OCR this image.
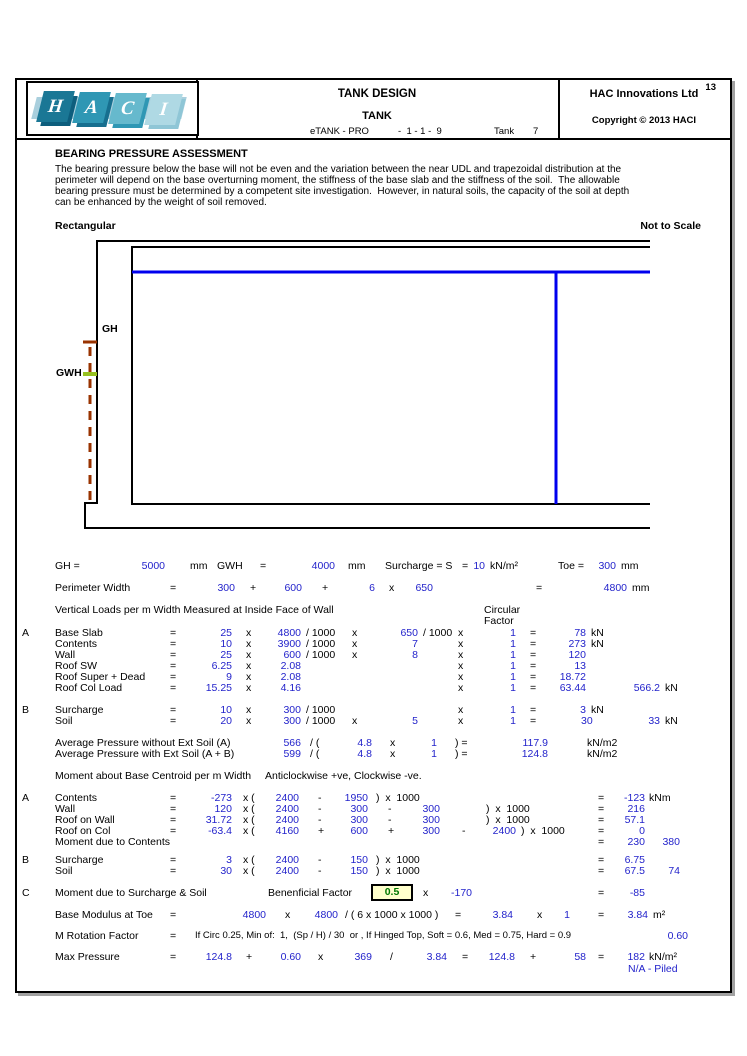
H	A	C	I
13
TANK DESIGN	HAC Innovations Ltd
TANK	Copyright © 2013 HACI
eTANK - PRO	-  1 - 1 -  9	Tank 7
BEARING PRESSURE ASSESSMENT
The bearing pressure below the base will not be even and the variation between the near UDL and trapezoidal distribution at the
perimeter will depend on the base overturning moment, the stiffness of the base slab and the stiffness of the soil.  The allowable
bearing pressure must be determined by a competent site investigation.  However, in natural soils, the capacity of the soil at depth
can be enhanced by the weight of soil removed.
Rectangular	Not to Scale
GH
GWH
GH =	5000 mm GWH =	4000 mm Surcharge = S = 10 kN/m²	Toe =	300 mm
Perimeter Width	=	300 +	600 +	6 x	650	=	4800 mm
Vertical Loads per m Width Measured at Inside Face of Wall	Circular
Factor
A Base Slab	=	25 x	4800 / 1000 x	650 / 1000 x	1 =	78 kN
Contents	=	10 x	3900 / 1000 x	7	x	1 =	273 kN
Wall	=	25 x	600 / 1000 x	8	x	1 =	120
Roof SW	=	6.25 x	2.08	x	1 =	13
Roof Super + Dead =	9 x	2.08	x	1 =	18.72
Roof Col Load	=	15.25 x	4.16	x	1 =	63.44	566.2 kN
B Surcharge	=	10 x	300 / 1000	x	1 =	3 kN
Soil	=	20 x	300 / 1000 x	5	x	1 =	30	33 kN
Average Pressure without Ext Soil (A)	566 / (	4.8 x	1 ) =	117.9	kN/m2
Average Pressure with Ext Soil (A + B)	599 / (	4.8 x	1 ) =	124.8	kN/m2
Moment about Base Centroid per m Width Anticlockwise +ve, Clockwise -ve.
A Contents	=	-273 x (	2400 -	1950 )  x  1000	=	-123 kNm
Wall	=	120 x (	2400 -	300 -	300	)  x  1000	=	216
Roof on Wall	=	31.72 x (	2400 -	300 -	300	)  x  1000	=	57.1
Roof on Col	=	-63.4 x (	4160 +	600 +	300 -	2400 )  x  1000	=	0
Moment due to Contents	=	230	380
B Surcharge	=	3 x (	2400 -	150 )  x  1000	=	6.75
Soil	=	30 x (	2400 -	150 )  x  1000	=	67.5	74
C Moment due to Surcharge & Soil	Benenficial Factor	0.5	x	-170	=	-85
Base Modulus at Toe =	4800 x	4800 / ( 6 x 1000 x 1000 ) =	3.84 x	1	=	3.84 m²
M Rotation Factor	= If Circ 0.25, Min of:  1,  (Sp / H) / 30  or , If Hinged Top, Soft = 0.6, Med = 0.75, Hard = 0.9	0.60
Max Pressure	=	124.8 +	0.60 x	369 /	3.84 =	124.8 +	58 =	182 kN/m²
N/A - Piled
